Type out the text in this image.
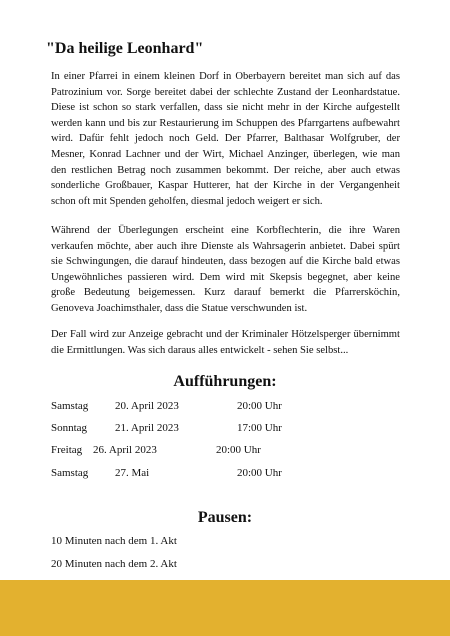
"Da heilige Leonhard"

In einer Pfarrei in einem kleinen Dorf in Oberbayern bereitet man sich auf das Patrozinium vor. Sorge bereitet dabei der schlechte Zustand der Leonhardstatue. Diese ist schon so stark verfallen, dass sie nicht mehr in der Kirche aufgestellt werden kann und bis zur Restaurierung im Schuppen des Pfarrgartens aufbewahrt wird. Dafür fehlt jedoch noch Geld. Der Pfarrer, Balthasar Wolfgruber, der Mesner, Konrad Lachner und der Wirt, Michael Anzinger, überlegen, wie man den restlichen Betrag noch zusammen bekommt. Der reiche, aber auch etwas sonderliche Großbauer, Kaspar Hutterer, hat der Kirche in der Vergangenheit schon oft mit Spenden geholfen, diesmal jedoch weigert er sich.

Während der Überlegungen erscheint eine Korbflechterin, die ihre Waren verkaufen möchte, aber auch ihre Dienste als Wahrsagerin anbietet. Dabei spürt sie Schwingungen, die darauf hindeuten, dass bezogen auf die Kirche bald etwas Ungewöhnliches passieren wird. Dem wird mit Skepsis begegnet, aber keine große Bedeutung beigemessen. Kurz darauf bemerkt die Pfarrersköchin, Genoveva Joachimsthaler, dass die Statue verschwunden ist.

Der Fall wird zur Anzeige gebracht und der Kriminaler Hötzelsperger übernimmt die Ermittlungen. Was sich daraus alles entwickelt - sehen Sie selbst...

Aufführungen:
Samstag 20. April 2023	20:00 Uhr
Sonntag	21. April 2023	17:00 Uhr
Freitag 26. April 2023	20:00 Uhr
Samstag 27. Mai	20:00 Uhr
Pausen:

10 Minuten nach dem 1. Akt

20 Minuten nach dem 2. Akt
